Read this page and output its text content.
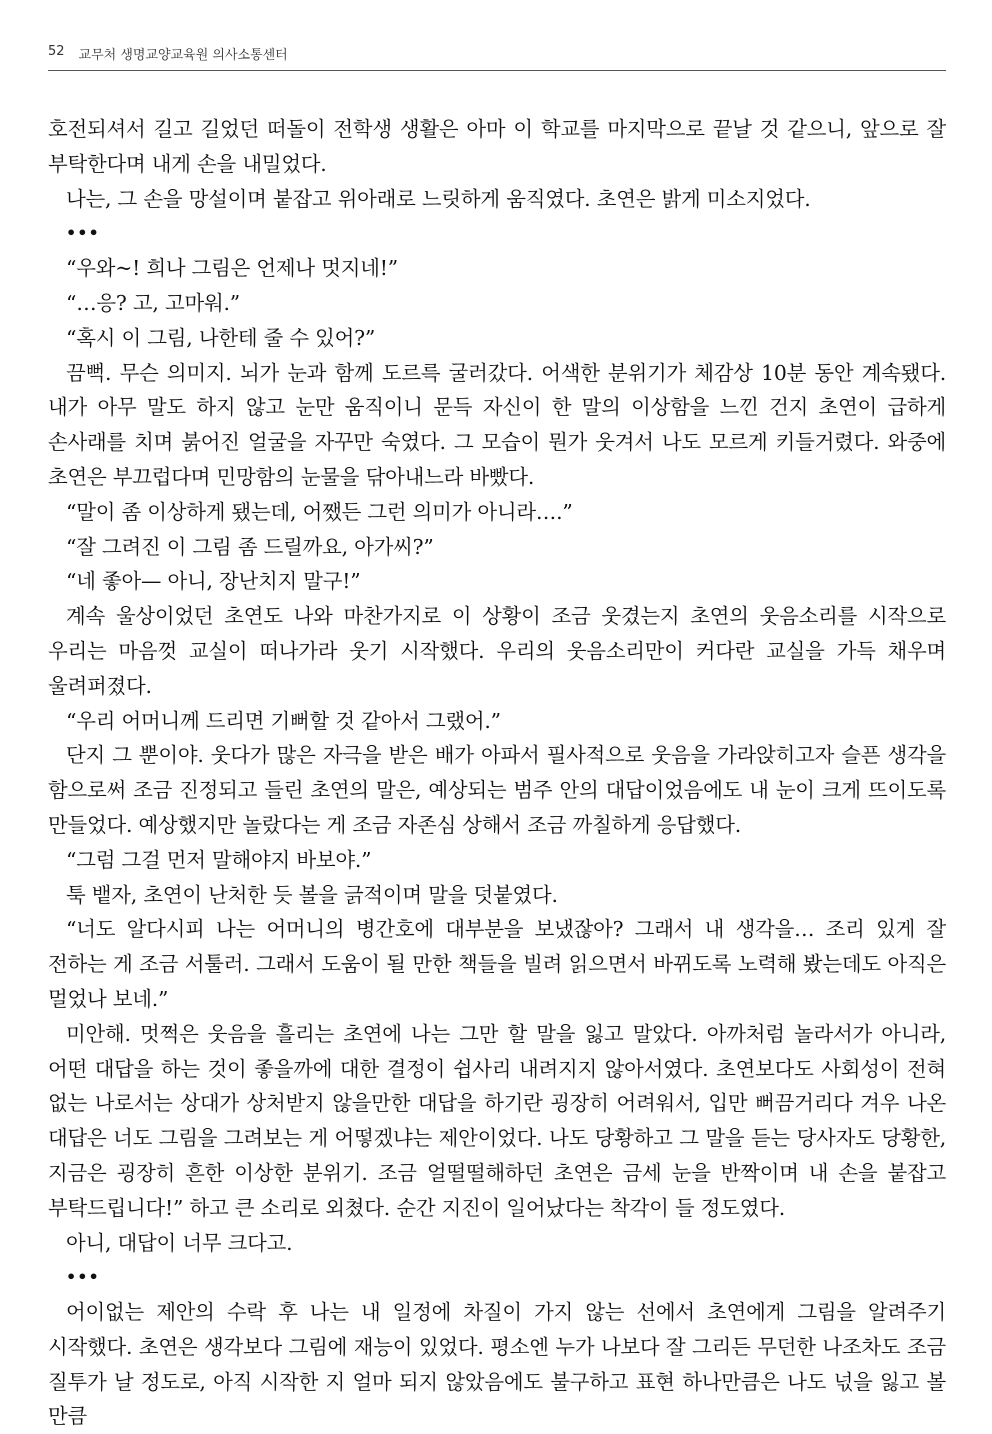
52 교무처 생명교양교육원 의사소통센터

호전되셔서 길고 길었던 떠돌이 전학생 생활은 아마 이 학교를 마지막으로 끝날 것 같으니, 앞으로 잘 부탁한다며 내게 손을 내밀었다.

나는, 그 손을 망설이며 붙잡고 위아래로 느릿하게 움직였다. 초연은 밝게 미소지었다.

•••

“우와~! 희나 그림은 언제나 멋지네!”

“…응? 고, 고마워.”

“혹시 이 그림, 나한테 줄 수 있어?”

끔뻑. 무슨 의미지. 뇌가 눈과 함께 도르륵 굴러갔다. 어색한 분위기가 체감상 10분 동안 계속됐다. 내가 아무 말도 하지 않고 눈만 움직이니 문득 자신이 한 말의 이상함을 느낀 건지 초연이 급하게 손사래를 치며 붉어진 얼굴을 자꾸만 숙였다. 그 모습이 뭔가 웃겨서 나도 모르게 키들거렸다. 와중에 초연은 부끄럽다며 민망함의 눈물을 닦아내느라 바빴다.

“말이 좀 이상하게 됐는데, 어쨌든 그런 의미가 아니라….”

“잘 그려진 이 그림 좀 드릴까요, 아가씨?”

“네 좋아— 아니, 장난치지 말구!”

계속 울상이었던 초연도 나와 마찬가지로 이 상황이 조금 웃겼는지 초연의 웃음소리를 시작으로 우리는 마음껏 교실이 떠나가라 웃기 시작했다. 우리의 웃음소리만이 커다란 교실을 가득 채우며 울려퍼졌다.

“우리 어머니께 드리면 기뻐할 것 같아서 그랬어.”

단지 그 뿐이야. 웃다가 많은 자극을 받은 배가 아파서 필사적으로 웃음을 가라앉히고자 슬픈 생각을 함으로써 조금 진정되고 들린 초연의 말은, 예상되는 범주 안의 대답이었음에도 내 눈이 크게 뜨이도록 만들었다. 예상했지만 놀랐다는 게 조금 자존심 상해서 조금 까칠하게 응답했다.

“그럼 그걸 먼저 말해야지 바보야.”

툭 뱉자, 초연이 난처한 듯 볼을 긁적이며 말을 덧붙였다.

“너도 알다시피 나는 어머니의 병간호에 대부분을 보냈잖아? 그래서 내 생각을… 조리 있게 잘 전하는 게 조금 서툴러. 그래서 도움이 될 만한 책들을 빌려 읽으면서 바뀌도록 노력해 봤는데도 아직은 멀었나 보네.”

미안해. 멋쩍은 웃음을 흘리는 초연에 나는 그만 할 말을 잃고 말았다. 아까처럼 놀라서가 아니라, 어떤 대답을 하는 것이 좋을까에 대한 결정이 쉽사리 내려지지 않아서였다. 초연보다도 사회성이 전혀 없는 나로서는 상대가 상처받지 않을만한 대답을 하기란 굉장히 어려워서, 입만 뻐끔거리다 겨우 나온 대답은 너도 그림을 그려보는 게 어떻겠냐는 제안이었다. 나도 당황하고 그 말을 듣는 당사자도 당황한, 지금은 굉장히 흔한 이상한 분위기. 조금 얼떨떨해하던 초연은 금세 눈을 반짝이며 내 손을 붙잡고 부탁드립니다!” 하고 큰 소리로 외쳤다. 순간 지진이 일어났다는 착각이 들 정도였다.

아니, 대답이 너무 크다고.

•••

어이없는 제안의 수락 후 나는 내 일정에 차질이 가지 않는 선에서 초연에게 그림을 알려주기 시작했다. 초연은 생각보다 그림에 재능이 있었다. 평소엔 누가 나보다 잘 그리든 무던한 나조차도 조금 질투가 날 정도로, 아직 시작한 지 얼마 되지 않았음에도 불구하고 표현 하나만큼은 나도 넋을 잃고 볼 만큼
